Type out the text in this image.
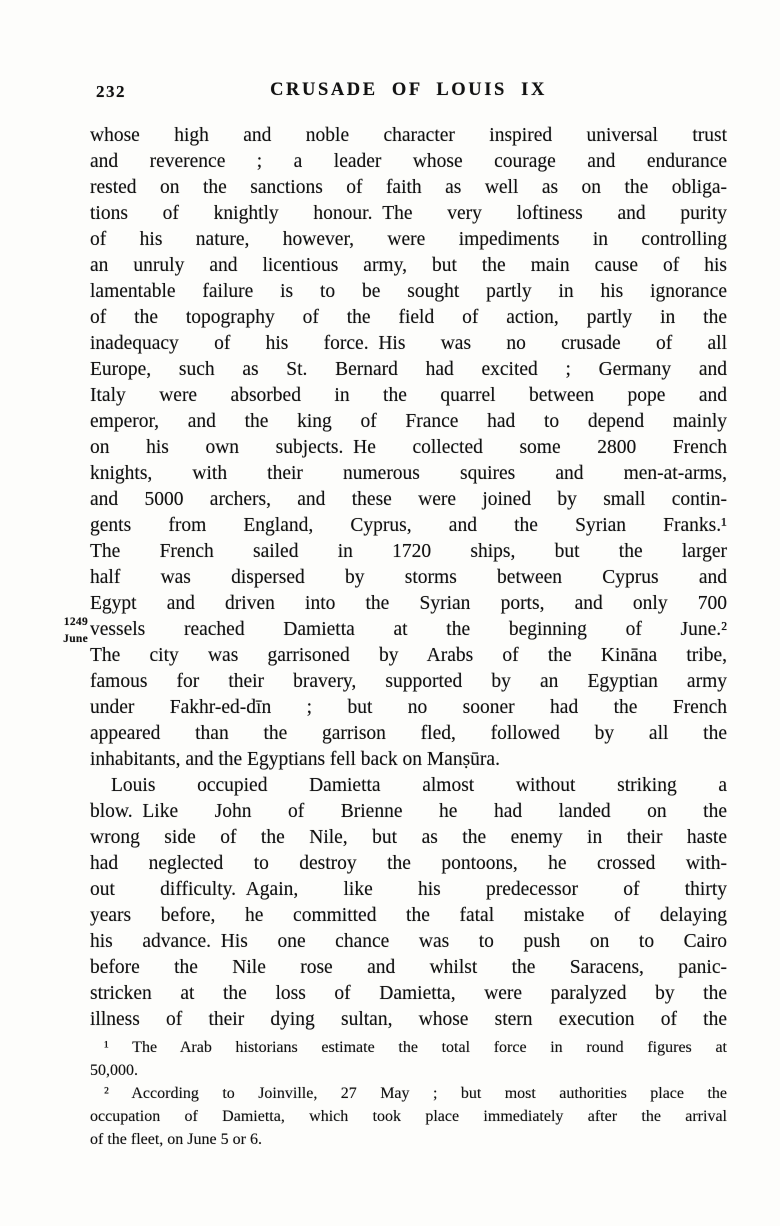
232	CRUSADE OF LOUIS IX
1249
June
whose high and noble character inspired universal trust
and reverence ; a leader whose courage and endurance
rested on the sanctions of faith as well as on the obliga-
tions of knightly honour. The very loftiness and purity
of his nature, however, were impediments in controlling
an unruly and licentious army, but the main cause of his
lamentable failure is to be sought partly in his ignorance
of the topography of the field of action, partly in the
inadequacy of his force. His was no crusade of all
Europe, such as St. Bernard had excited ; Germany and
Italy were absorbed in the quarrel between pope and
emperor, and the king of France had to depend mainly
on his own subjects. He collected some 2800 French
knights, with their numerous squires and men-at-arms,
and 5000 archers, and these were joined by small contin-
gents from England, Cyprus, and the Syrian Franks.¹
The French sailed in 1720 ships, but the larger
half was dispersed by storms between Cyprus and
Egypt and driven into the Syrian ports, and only 700
vessels reached Damietta at the beginning of June.²
The city was garrisoned by Arabs of the Kināna tribe,
famous for their bravery, supported by an Egyptian army
under Fakhr-ed-dīn ; but no sooner had the French
appeared than the garrison fled, followed by all the
inhabitants, and the Egyptians fell back on Manṣūra.
Louis occupied Damietta almost without striking a
blow. Like John of Brienne he had landed on the
wrong side of the Nile, but as the enemy in their haste
had neglected to destroy the pontoons, he crossed with-
out difficulty. Again, like his predecessor of thirty
years before, he committed the fatal mistake of delaying
his advance. His one chance was to push on to Cairo
before the Nile rose and whilst the Saracens, panic-
stricken at the loss of Damietta, were paralyzed by the
illness of their dying sultan, whose stern execution of the
¹ The Arab historians estimate the total force in round figures at
50,000.
² According to Joinville, 27 May ; but most authorities place the
occupation of Damietta, which took place immediately after the arrival
of the fleet, on June 5 or 6.
